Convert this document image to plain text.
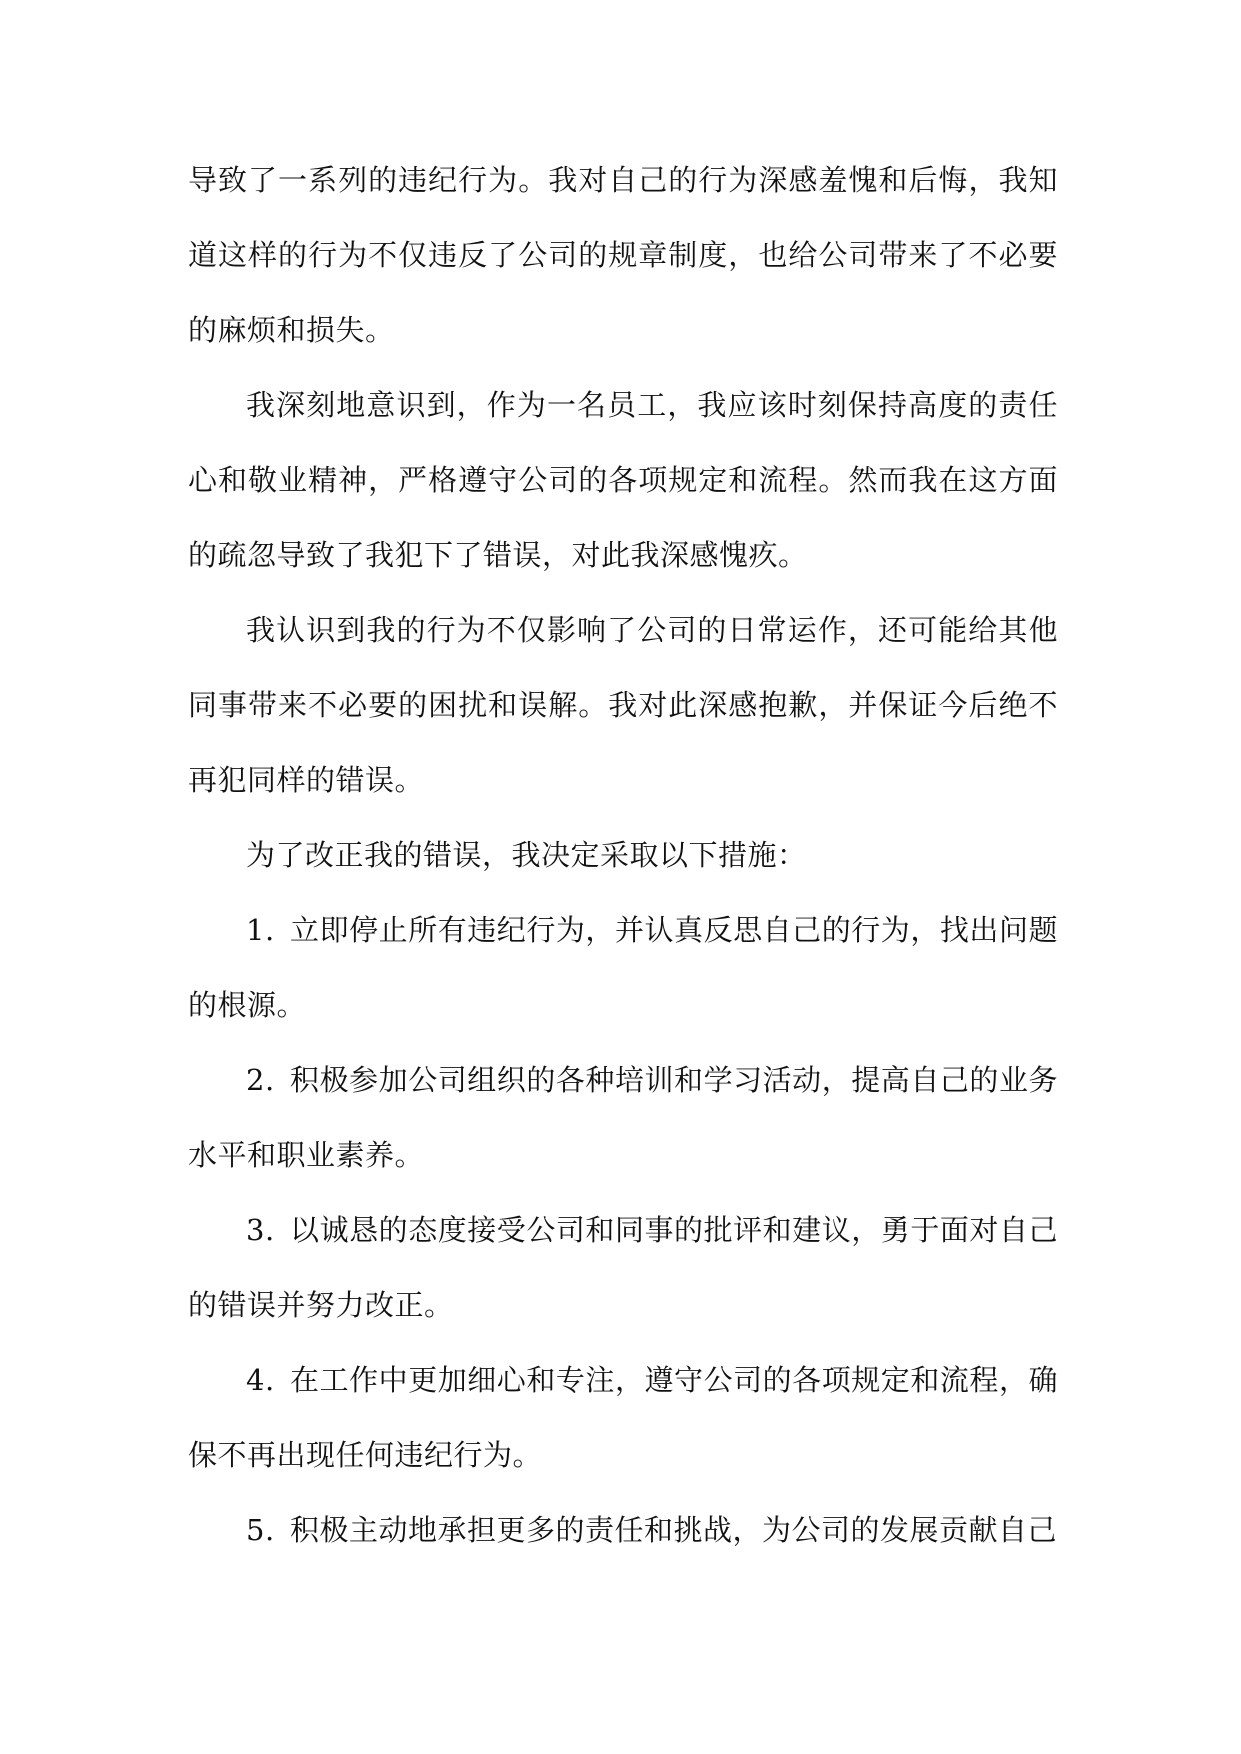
导致了一系列的违纪行为。我对自己的行为深感羞愧和后悔，我知道这样的行为不仅违反了公司的规章制度，也给公司带来了不必要的麻烦和损失。

我深刻地意识到，作为一名员工，我应该时刻保持高度的责任心和敬业精神，严格遵守公司的各项规定和流程。然而我在这方面的疏忽导致了我犯下了错误，对此我深感愧疚。

我认识到我的行为不仅影响了公司的日常运作，还可能给其他同事带来不必要的困扰和误解。我对此深感抱歉，并保证今后绝不再犯同样的错误。

为了改正我的错误，我决定采取以下措施：

1. 立即停止所有违纪行为，并认真反思自己的行为，找出问题的根源。

2. 积极参加公司组织的各种培训和学习活动，提高自己的业务水平和职业素养。

3. 以诚恳的态度接受公司和同事的批评和建议，勇于面对自己的错误并努力改正。

4. 在工作中更加细心和专注，遵守公司的各项规定和流程，确保不再出现任何违纪行为。

5. 积极主动地承担更多的责任和挑战，为公司的发展贡献自己
